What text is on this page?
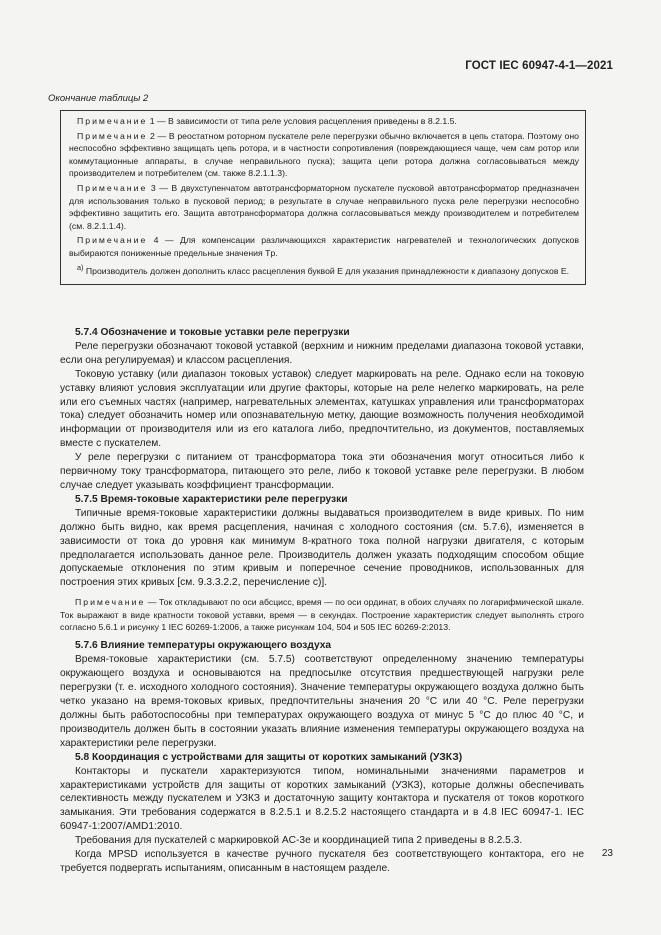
ГОСТ IEC 60947-4-1—2021
Окончание таблицы 2

Примечание 1 — В зависимости от типа реле условия расцепления приведены в 8.2.1.5.

Примечание 2 — В реостатном роторном пускателе реле перегрузки обычно включается в цепь статора. Поэтому оно неспособно эффективно защищать цепь ротора, и в частности сопротивления (повреждающиеся чаще, чем сам ротор или коммутационные аппараты, в случае неправильного пуска); защита цепи ротора должна согласовываться между производителем и потребителем (см. также 8.2.1.1.3).

Примечание 3 — В двухступенчатом автотрансформаторном пускателе пусковой автотрансформатор предназначен для использования только в пусковой период; в результате в случае неправильного пуска реле перегрузки неспособно эффективно защитить его. Защита автотрансформатора должна согласовываться между производителем и потребителем (см. 8.2.1.1.4).

Примечание 4 — Для компенсации различающихся характеристик нагревателей и технологических допусков выбираются пониженные предельные значения Tp.

$^{а)}$ Производитель должен дополнить класс расцепления буквой E для указания принадлежности к диапазону допусков E.

5.7.4 Обозначение и токовые уставки реле перегрузки

Реле перегрузки обозначают токовой уставкой (верхним и нижним пределами диапазона токовой уставки, если она регулируемая) и классом расцепления.

Токовую уставку (или диапазон токовых уставок) следует маркировать на реле. Однако если на токовую уставку влияют условия эксплуатации или другие факторы, которые на реле нелегко маркировать, на реле или его съемных частях (например, нагревательных элементах, катушках управления или трансформаторах тока) следует обозначить номер или опознавательную метку, дающие возможность получения необходимой информации от производителя или из его каталога либо, предпочтительно, из документов, поставляемых вместе с пускателем.

У реле перегрузки с питанием от трансформатора тока эти обозначения могут относиться либо к первичному току трансформатора, питающего это реле, либо к токовой уставке реле перегрузки. В любом случае следует указывать коэффициент трансформации.

5.7.5 Время-токовые характеристики реле перегрузки

Типичные время-токовые характеристики должны выдаваться производителем в виде кривых. По ним должно быть видно, как время расцепления, начиная с холодного состояния (см. 5.7.6), изменяется в зависимости от тока до уровня как минимум 8-кратного тока полной нагрузки двигателя, с которым предполагается использовать данное реле. Производитель должен указать подходящим способом общие допускаемые отклонения по этим кривым и поперечное сечение проводников, использованных для построения этих кривых [см. 9.3.3.2.2, перечисление c)].

Примечание — Ток откладывают по оси абсцисс, время — по оси ординат, в обоих случаях по логарифмической шкале. Ток выражают в виде кратности токовой уставки, время — в секундах. Построение характеристик следует выполнять строго согласно 5.6.1 и рисунку 1 IEC 60269-1:2006, а также рисункам 104, 504 и 505 IEC 60269-2:2013.

5.7.6 Влияние температуры окружающего воздуха

Время-токовые характеристики (см. 5.7.5) соответствуют определенному значению температуры окружающего воздуха и основываются на предпосылке отсутствия предшествующей нагрузки реле перегрузки (т. е. исходного холодного состояния). Значение температуры окружающего воздуха должно быть четко указано на время-токовых кривых, предпочтительны значения 20 °C или 40 °C. Реле перегрузки должны быть работоспособны при температурах окружающего воздуха от минус 5 °C до плюс 40 °C, и производитель должен быть в состоянии указать влияние изменения температуры окружающего воздуха на характеристики реле перегрузки.

5.8 Координация с устройствами для защиты от коротких замыканий (УЗКЗ)

Контакторы и пускатели характеризуются типом, номинальными значениями параметров и характеристиками устройств для защиты от коротких замыканий (УЗКЗ), которые должны обеспечивать селективность между пускателем и УЗКЗ и достаточную защиту контактора и пускателя от токов короткого замыкания. Эти требования содержатся в 8.2.5.1 и 8.2.5.2 настоящего стандарта и в 4.8 IEC 60947-1. IEC 60947-1:2007/AMD1:2010.

Требования для пускателей с маркировкой AC-3e и координацией типа 2 приведены в 8.2.5.3.

Когда MPSD используется в качестве ручного пускателя без соответствующего контактора, его не требуется подвергать испытаниям, описанным в настоящем разделе.

23
